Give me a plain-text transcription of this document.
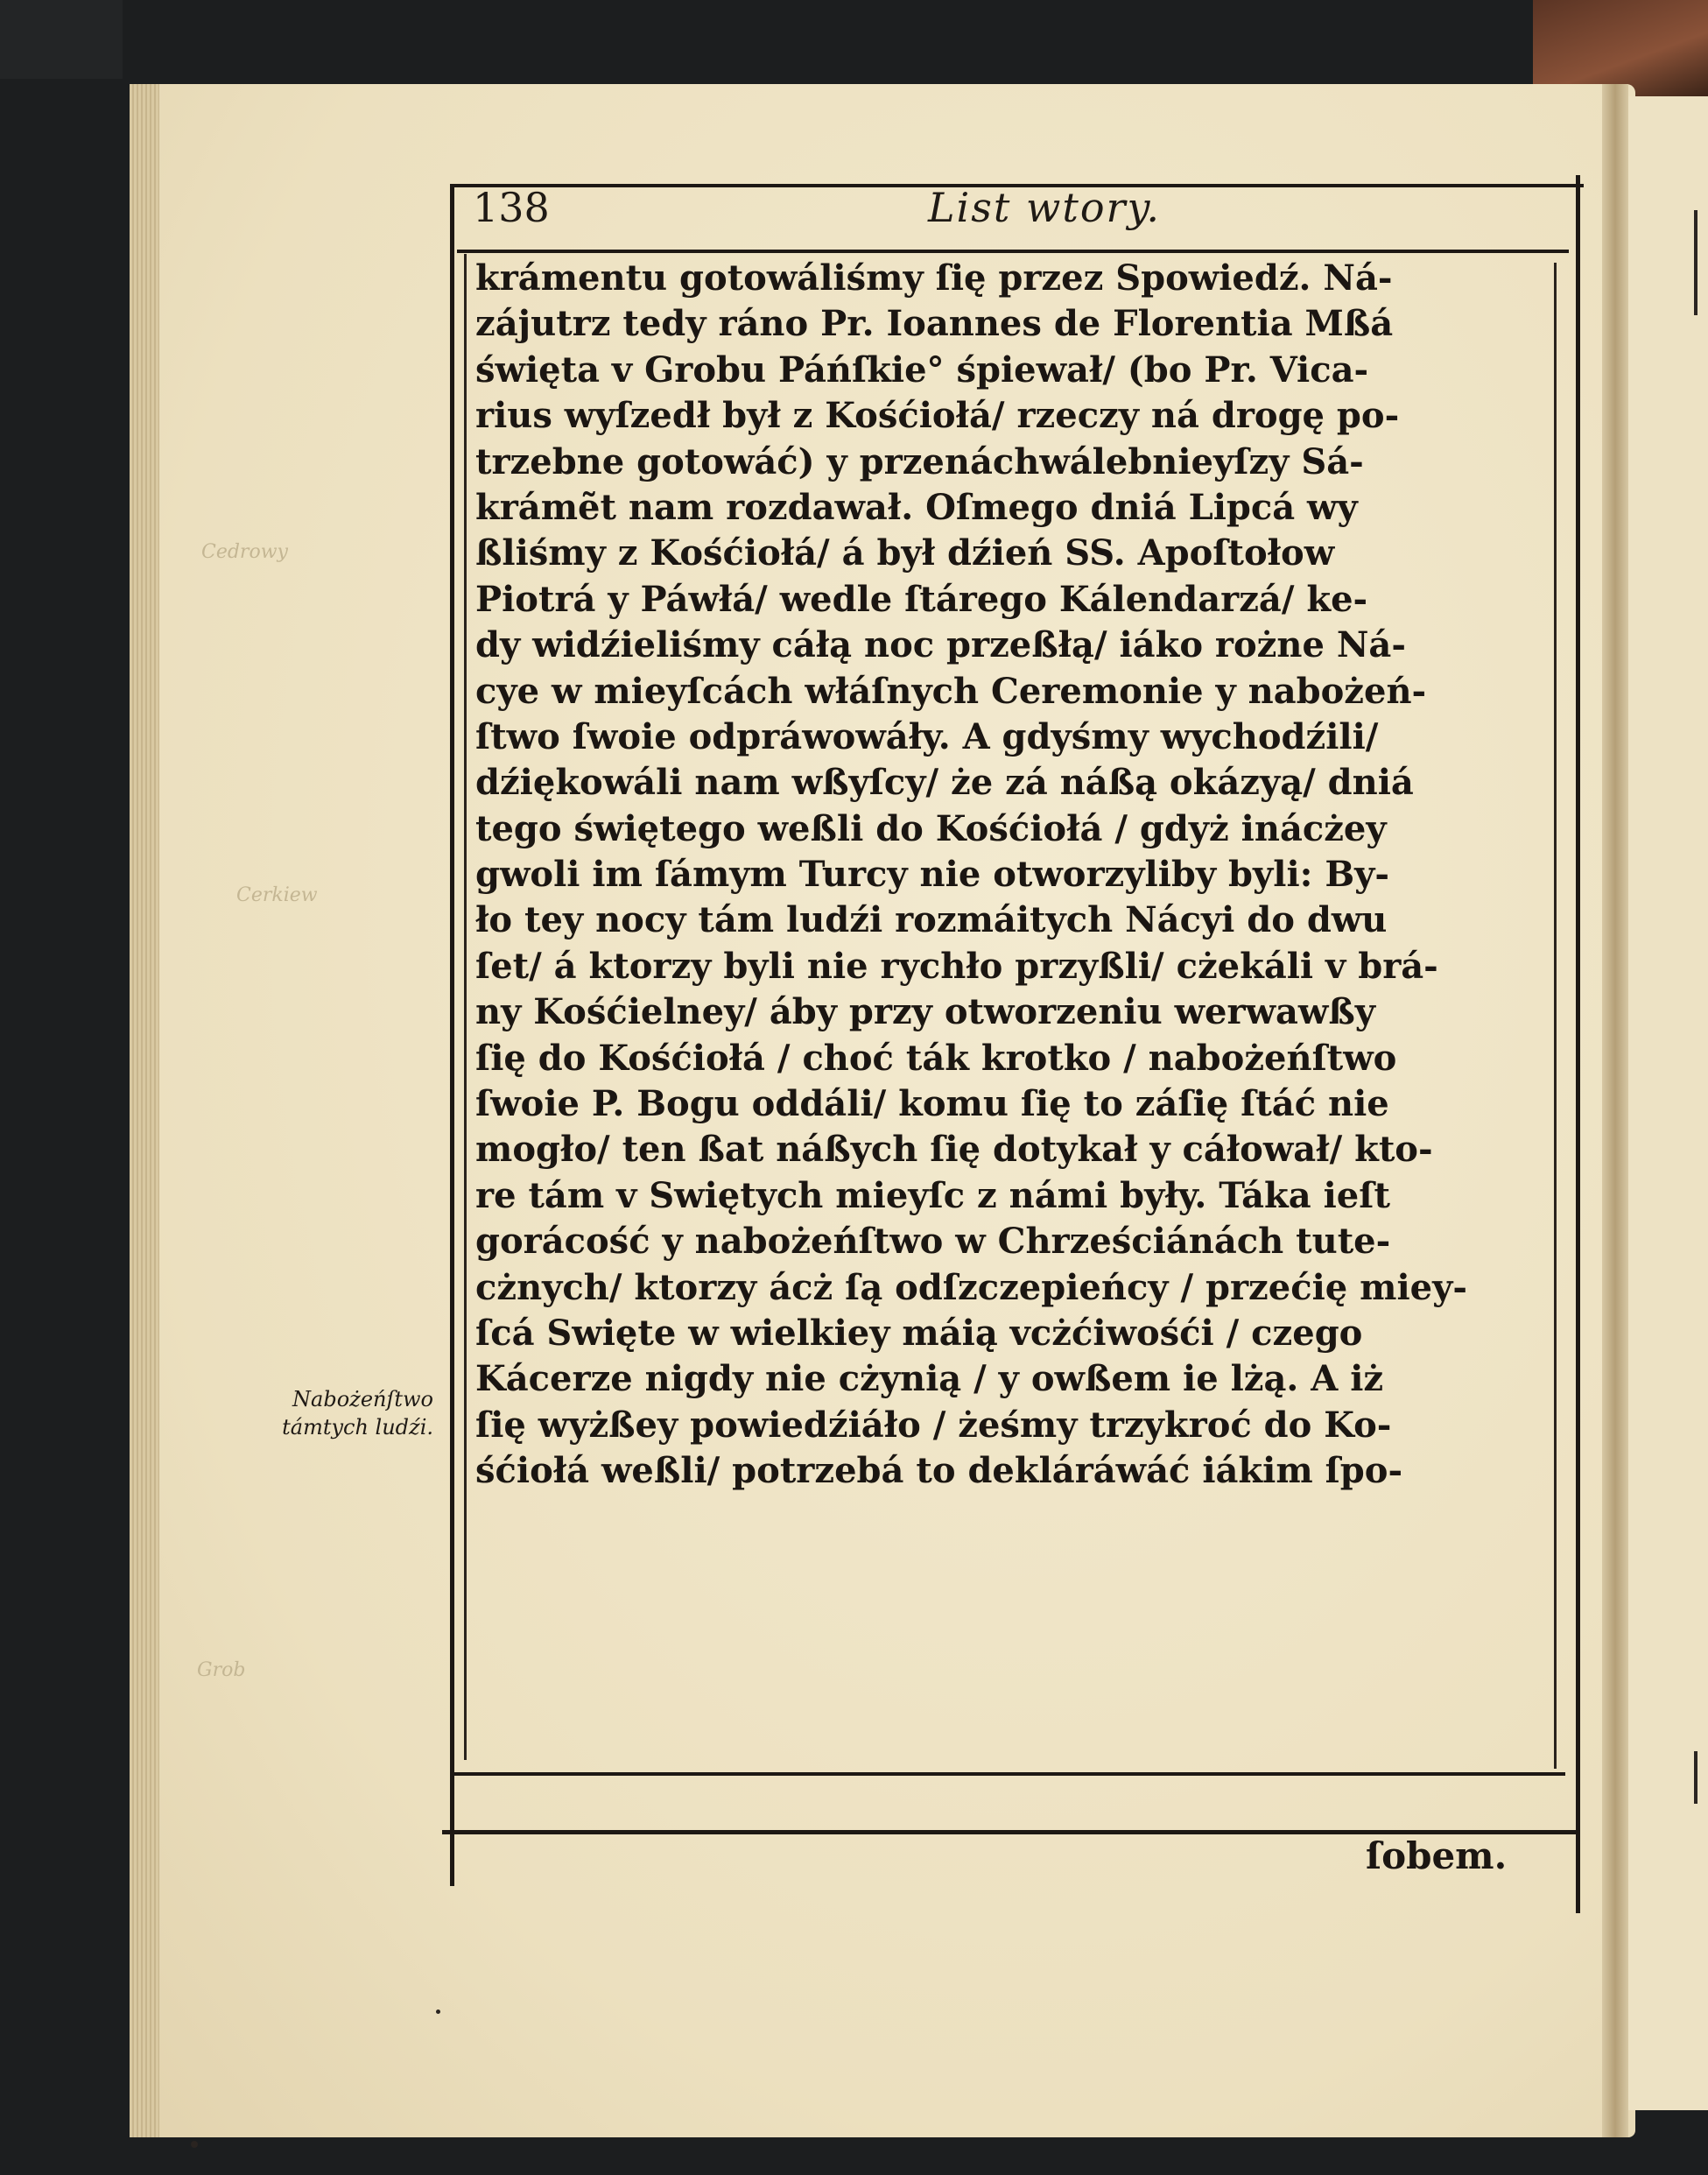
Cedrowy
Cerkiew
Grob
138	List wtory.
krámentu gotowáliśmy ſię przez Spowiedź. Ná-
zájutrz tedy ráno Pr. Ioannes de Florentia Mßá
święta v Grobu Páńſkie° śpiewał/ (bo Pr. Vica-
rius wyſzedł był z Kośćiołá/ rzeczy ná drogę po-
trzebne gotowáć) y przenáchwálebnieyſzy Sá-
krámẽt nam rozdawał. Oſmego dniá Lipcá wy
ßliśmy z Kośćiołá/ á był dźień SS. Apoſtołow
Piotrá y Páwłá/ wedle ſtárego Kálendarzá/ ke-
dy widźieliśmy cáłą noc przeßłą/ iáko rożne Ná-
cye w mieyſcách włáſnych Ceremonie y nabożeń-
ſtwo ſwoie odpráwowáły. A gdyśmy wychodźili/
dźiękowáli nam wßyſcy/ że zá náßą okázyą/ dniá
tego świętego weßli do Kośćiołá / gdyż inácżey
gwoli im ſámym Turcy nie otworzyliby byli: By-
ło tey nocy tám ludźi rozmáitych Nácyi do dwu
ſet/ á ktorzy byli nie rychło przyßli/ cżekáli v brá-
ny Kośćielney/ áby przy otworzeniu werwawßy
ſię do Kośćiołá / choć ták krotko / nabożeńſtwo
ſwoie P. Bogu oddáli/ komu ſię to záſię ſtáć nie
mogło/ ten ßat náßych ſię dotykał y cáłował/ kto-
re tám v Swiętych mieyſc z námi były. Táka ieſt
gorácość y nabożeńſtwo w Chrześciánách tute-
cżnych/ ktorzy ácż ſą odſzczepieńcy / przećię miey-
ſcá Swięte w wielkiey máią vcżćiwośći / czego
Kácerze nigdy nie cżynią / y owßem ie lżą. A iż
ſię wyżßey powiedźiáło / żeśmy trzykroć do Ko-
śćiołá weßli/ potrzebá to dekláráwáć iákim ſpo-
ſobem.
Nabożeńſtwo
támtych ludźi.
